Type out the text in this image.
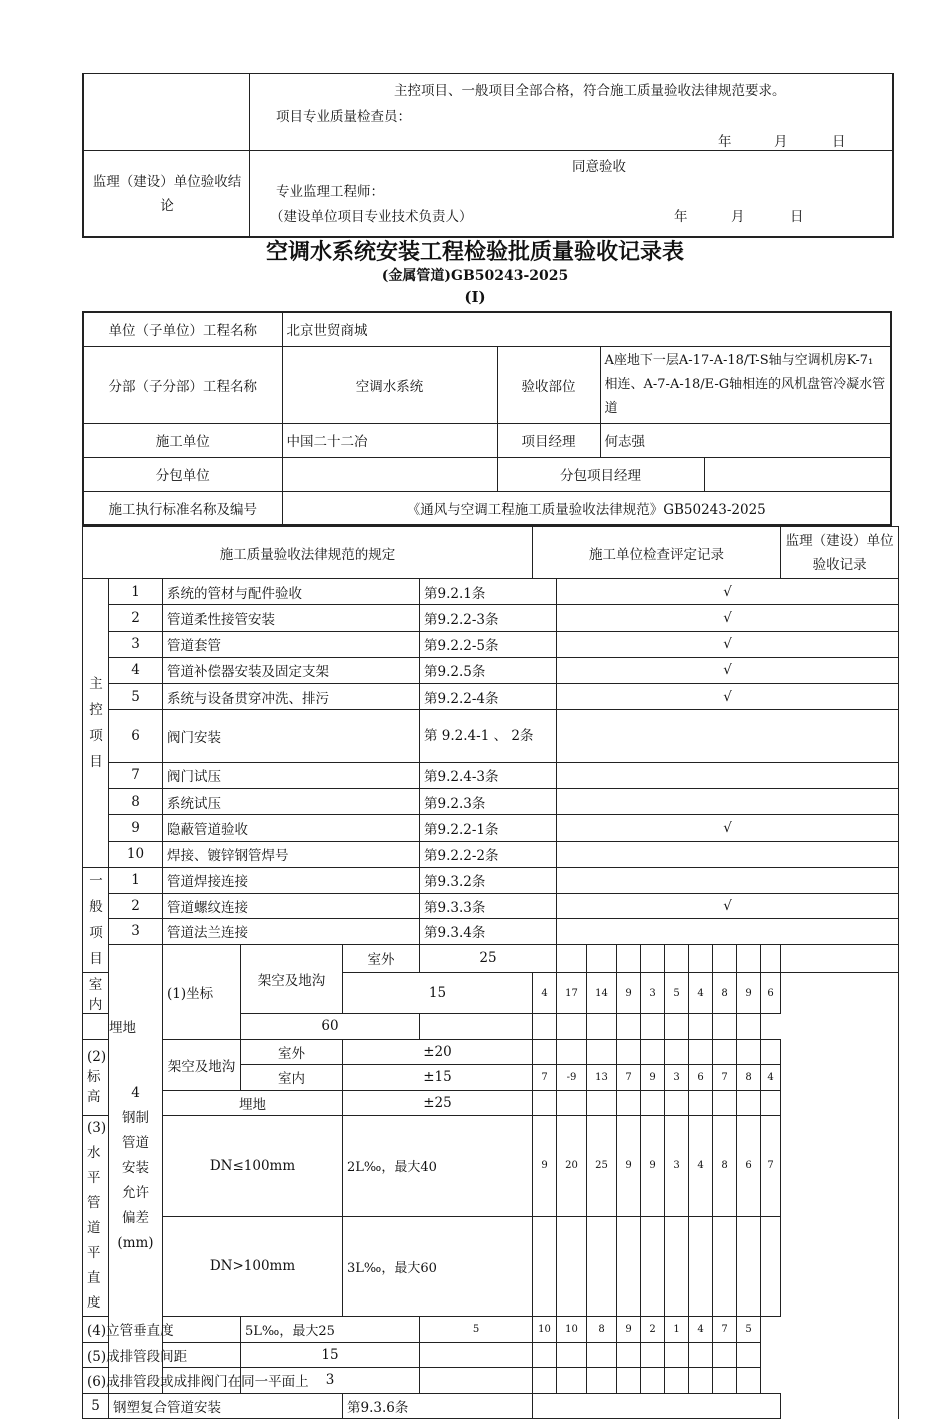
主控项目、一般项目全部合格，符合施工质量验收法律规范要求。
项目专业质量检查员：
年	月	日
监理（建设）单位验收结论
同意验收
专业监理工程师：
（建设单位项目专业技术负责人）	年	月	日
空调水系统安装工程检验批质量验收记录表
(金属管道)GB50243-2025
(Ⅰ)
单位（子单位）工程名称	北京世贸商城			
分部（子分部）工程名称	空调水系统	验收部位	A座地下一层A-17-A-18/T-S轴与空调机房K-7₁相连、A-7-A-18/E-G轴相连的风机盘管冷凝水管道	
施工单位	中国二十二冶	项目经理	何志强	
分包单位		分包项目经理		
施工执行标准名称及编号	《通风与空调工程施工质量验收法律规范》GB50243-2025			
施工质量验收法律规范的规定						施工单位检查评定记录										监理（建设）单位验收记录	

主控项目	1	系统的管材与配件验收			第9.2.1条		√	
	2	管道柔性接管安装			第9.2.2-3条		√										
	3	管道套管			第9.2.2-5条		√										
	4	管道补偿器安装及固定支架			第9.2.5条		√										
	5	系统与设备贯穿冲洗、排污			第9.2.2-4条		√										
	6	阀门安装			第 9.2.4-1 、 2条												
	7	阀门试压			第9.2.4-3条												
	8	系统试压			第9.2.3条												
	9	隐蔽管道验收			第9.2.2-1条		√										
	10	焊接、镀锌钢管焊号			第9.2.2-2条												

一般项目	1	管道焊接连接			第9.3.2条		
	2	管道螺纹连接			第9.3.3条		√										
	3	管道法兰连接			第9.3.4条												

	4
钢制管道安装允许偏差(mm)	(1)坐标	架空及地沟	室外	25												
室内				15		4	17	14	9	3	5	4	8	9	6		
埋地			60														
(2)标高		架空及地沟	室外	±20													
			室内	±15		7	-9	13	7	9	3	6	7	8	4		
		埋地		±25													
(3)水平管道平直度		DN≤100mm		2L‰，最大40		9	20	25	9	9	3	4	8	6	7		
		DN>100mm		3L‰，最大60													
(4)立管垂直度			5L‰，最大25		5	10	10	8	9	2	1	4	7	5			
(5)成排管段间距			15														
(6)成排管段或成排阀门在同一平面上			3														
5	钢塑复合管道安装			第9.3.6条													
